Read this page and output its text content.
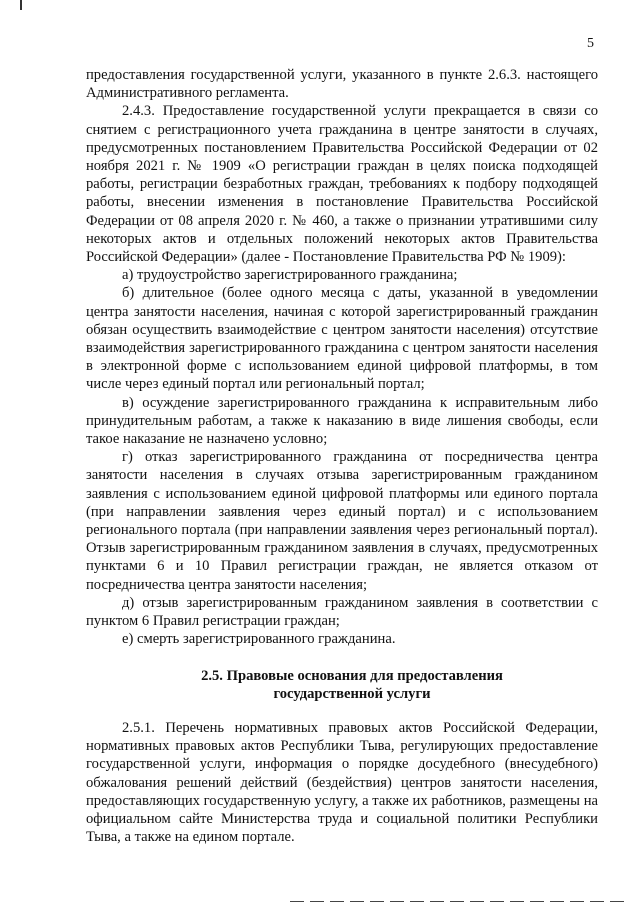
5

предоставления государственной услуги, указанного в пункте 2.6.3. настоящего Административного регламента.

2.4.3. Предоставление государственной услуги прекращается в связи со снятием с регистрационного учета гражданина в центре занятости в случаях, предусмотренных постановлением Правительства Российской Федерации от 02 ноября 2021 г. № 1909 «О регистрации граждан в целях поиска подходящей работы, регистрации безработных граждан, требованиях к подбору подходящей работы, внесении изменения в постановление Правительства Российской Федерации от 08 апреля 2020 г. № 460, а также о признании утратившими силу некоторых актов и отдельных положений некоторых актов Правительства Российской Федерации» (далее - Постановление Правительства РФ № 1909):

а) трудоустройство зарегистрированного гражданина;

б) длительное (более одного месяца с даты, указанной в уведомлении центра занятости населения, начиная с которой зарегистрированный гражданин обязан осуществить взаимодействие с центром занятости населения) отсутствие взаимодействия зарегистрированного гражданина с центром занятости населения в электронной форме с использованием единой цифровой платформы, в том числе через единый портал или региональный портал;

в) осуждение зарегистрированного гражданина к исправительным либо принудительным работам, а также к наказанию в виде лишения свободы, если такое наказание не назначено условно;

г) отказ зарегистрированного гражданина от посредничества центра занятости населения в случаях отзыва зарегистрированным гражданином заявления с использованием единой цифровой платформы или единого портала (при направлении заявления через единый портал) и с использованием регионального портала (при направлении заявления через региональный портал). Отзыв зарегистрированным гражданином заявления в случаях, предусмотренных пунктами 6 и 10 Правил регистрации граждан, не является отказом от посредничества центра занятости населения;

д) отзыв зарегистрированным гражданином заявления в соответствии с пунктом 6 Правил регистрации граждан;

е) смерть зарегистрированного гражданина.

2.5. Правовые основания для предоставления
государственной услуги

2.5.1. Перечень нормативных правовых актов Российской Федерации, нормативных правовых актов Республики Тыва, регулирующих предоставление государственной услуги, информация о порядке досудебного (внесудебного) обжалования решений действий (бездействия) центров занятости населения, предоставляющих государственную услугу, а также их работников, размещены на официальном сайте Министерства труда и социальной политики Республики Тыва, а также на едином портале.
